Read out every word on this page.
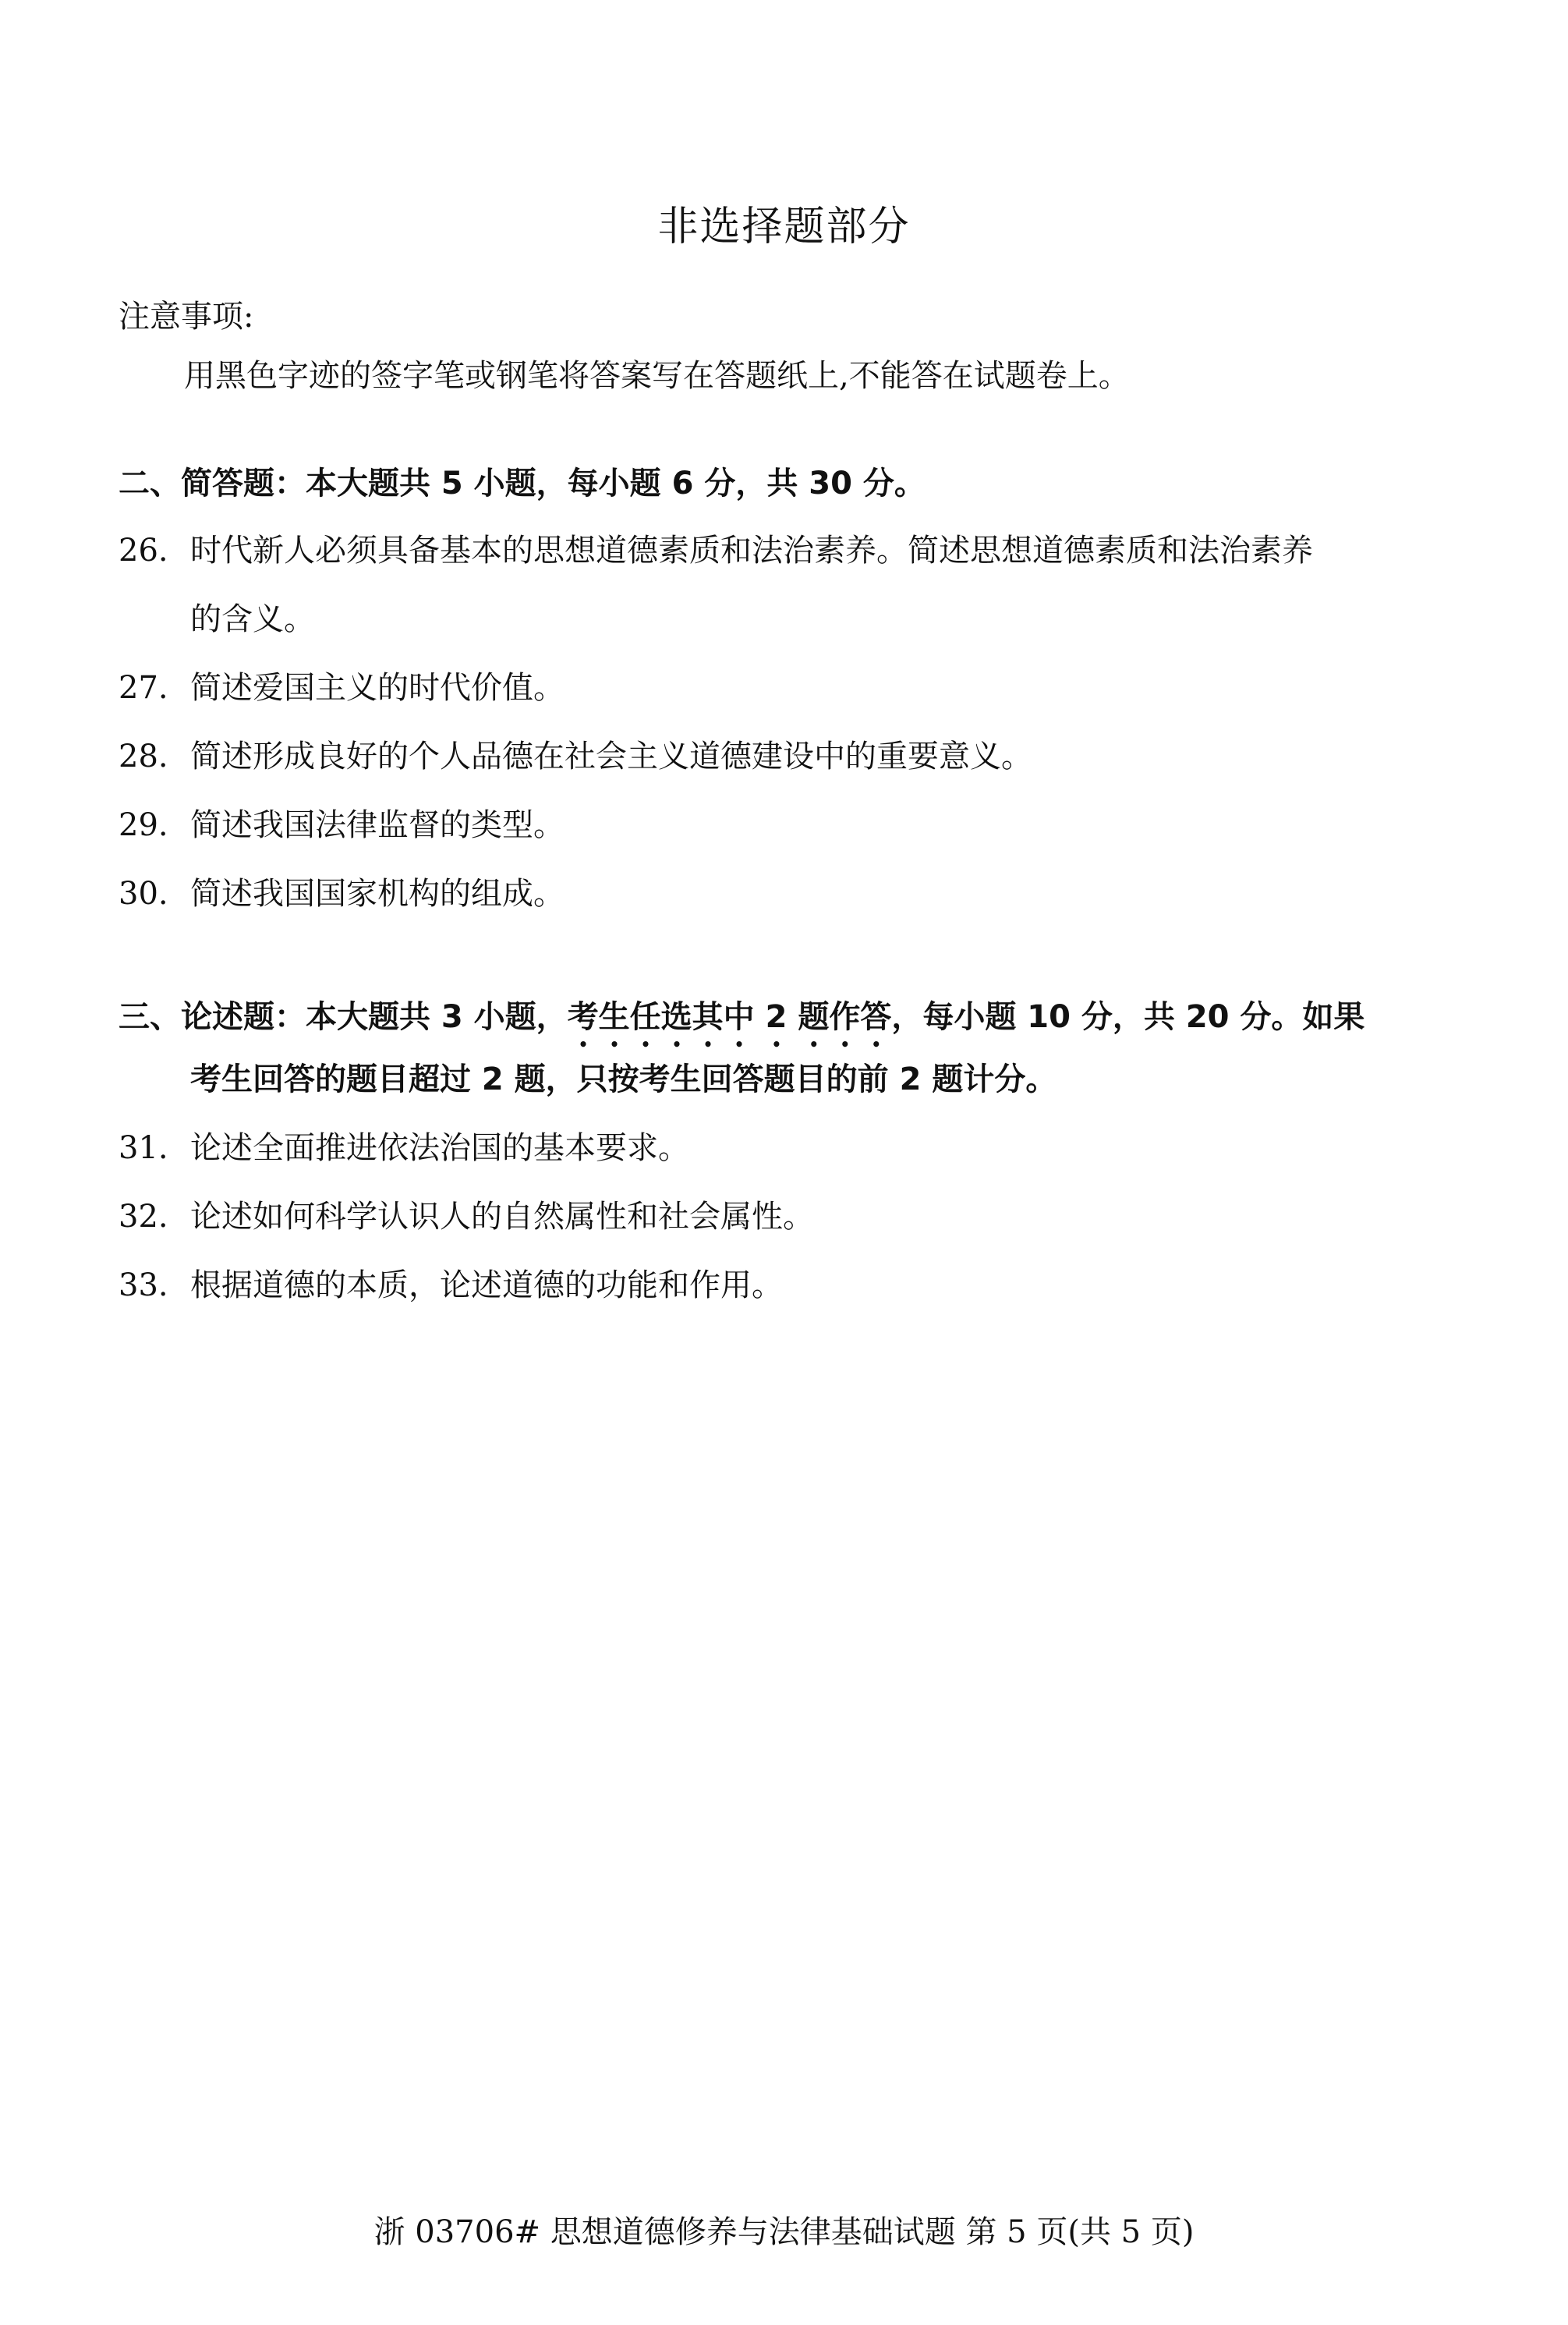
非选择题部分
注意事项:
用黑色字迹的签字笔或钢笔将答案写在答题纸上,不能答在试题卷上。
二、简答题：本大题共 5 小题，每小题 6 分，共 30 分。
26. 时代新人必须具备基本的思想道德素质和法治素养。简述思想道德素质和法治素养
的含义。
27. 简述爱国主义的时代价值。
28. 简述形成良好的个人品德在社会主义道德建设中的重要意义。
29. 简述我国法律监督的类型。
30. 简述我国国家机构的组成。
三、论述题：本大题共 3 小题，考生任选其中 2 题作答，每小题 10 分，共 20 分。如果
考生回答的题目超过 2 题，只按考生回答题目的前 2 题计分。
31. 论述全面推进依法治国的基本要求。
32. 论述如何科学认识人的自然属性和社会属性。
33. 根据道德的本质，论述道德的功能和作用。
浙 03706# 思想道德修养与法律基础试题 第 5 页(共 5 页)
